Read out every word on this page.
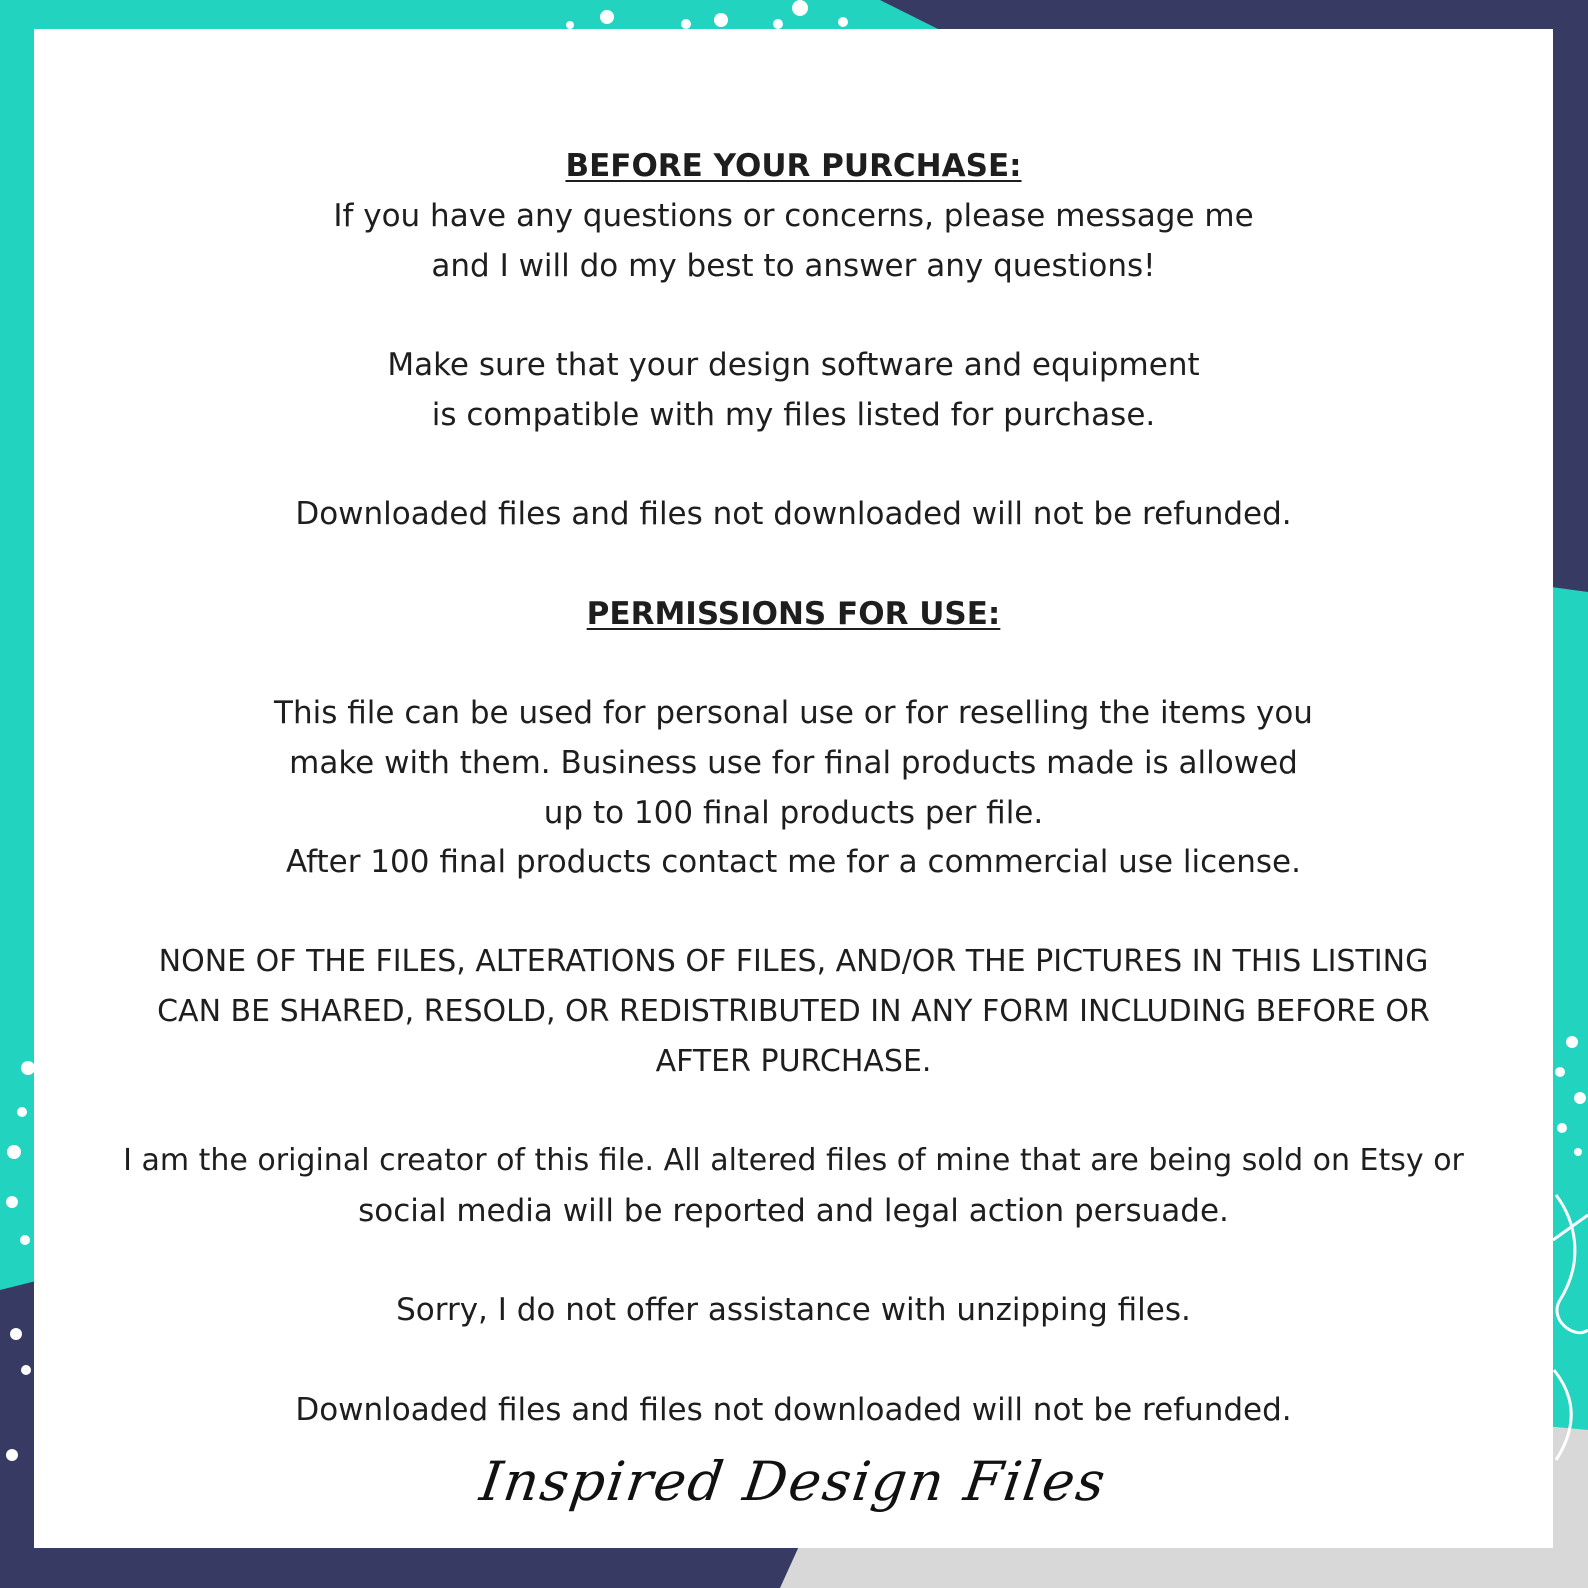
BEFORE YOUR PURCHASE:
If you have any questions or concerns, please message me
and I will do my best to answer any questions!
Make sure that your design software and equipment
is compatible with my files listed for purchase.
Downloaded files and files not downloaded will not be refunded.
PERMISSIONS FOR USE:
This file can be used for personal use or for reselling the items you
make with them. Business use for final products made is allowed
up to 100 final products per file.
After 100 final products contact me for a commercial use license.
NONE OF THE FILES, ALTERATIONS OF FILES, AND/OR THE PICTURES IN THIS LISTING
CAN BE SHARED, RESOLD, OR REDISTRIBUTED IN ANY FORM INCLUDING BEFORE OR
AFTER PURCHASE.
I am the original creator of this file. All altered files of mine that are being sold on Etsy or
social media will be reported and legal action persuade.
Sorry, I do not offer assistance with unzipping files.
Downloaded files and files not downloaded will not be refunded.
Inspired Design Files
